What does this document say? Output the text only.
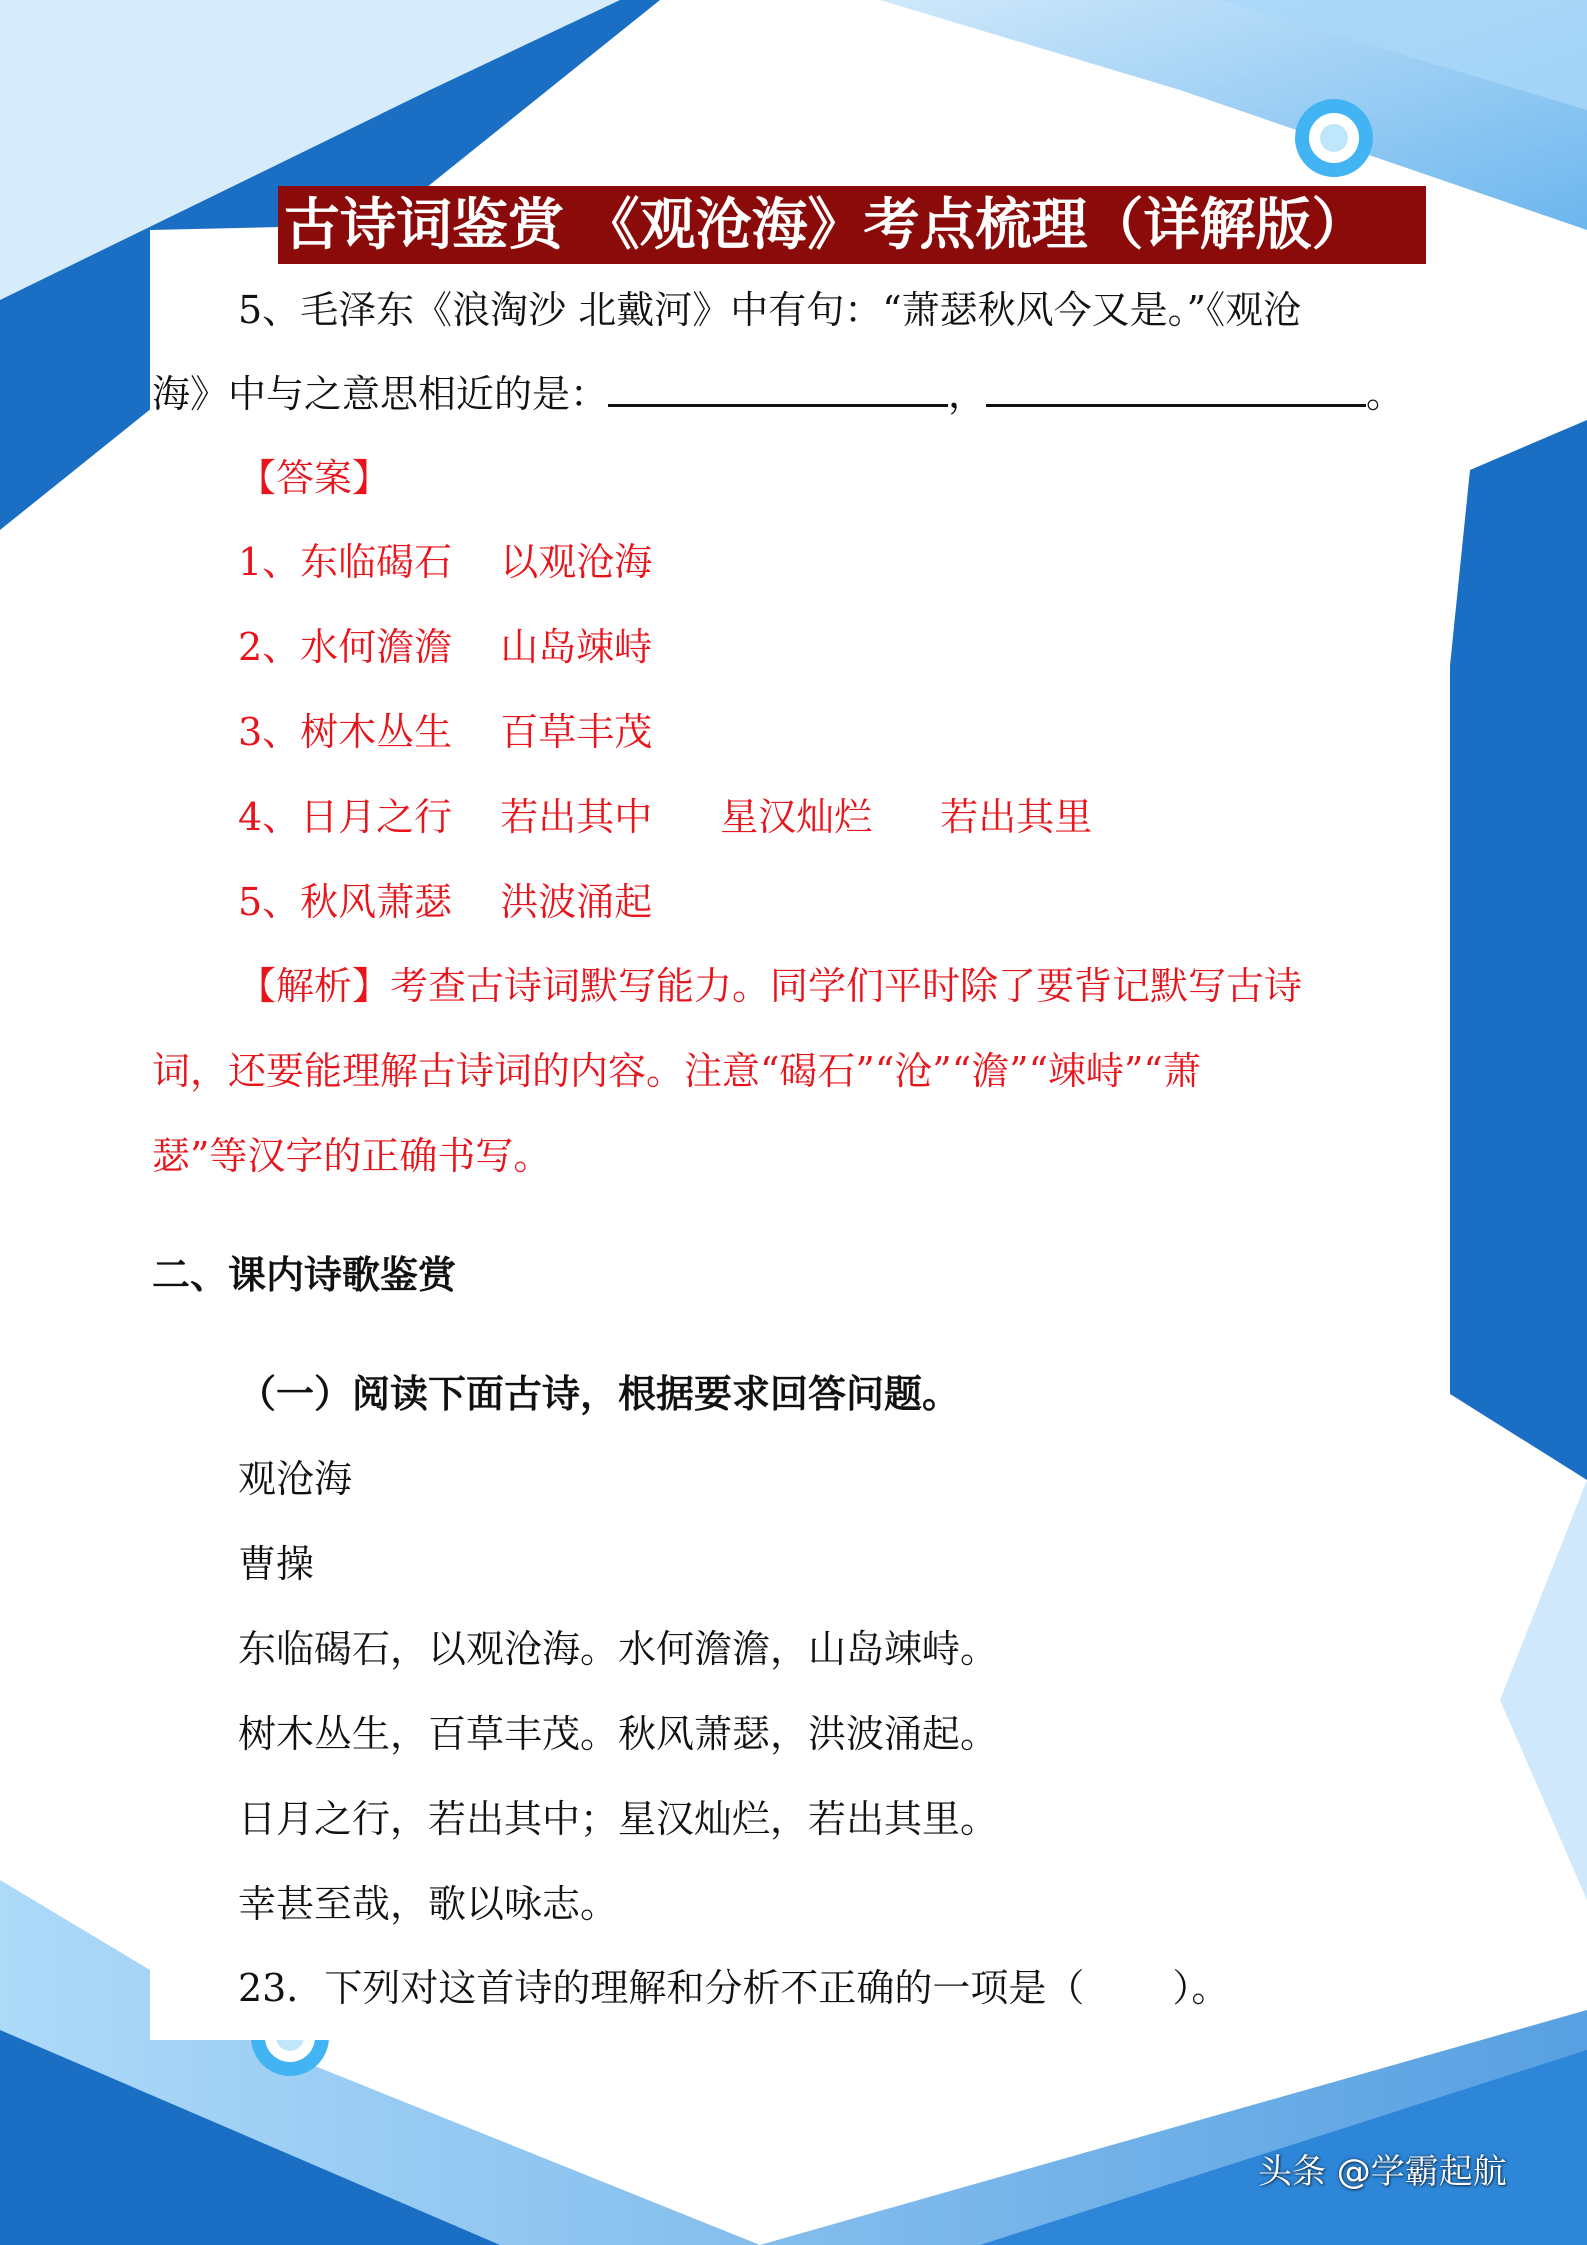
古诗词鉴赏 《观沧海》考点梳理（详解版）
5、毛泽东《浪淘沙 北戴河》中有句：“萧瑟秋风今又是。”《观沧
海》中与之意思相近的是：	，	。
【答案】
1、东临碣石 以观沧海
2、水何澹澹 山岛竦峙
3、树木丛生 百草丰茂
4、日月之行 若出其中 星汉灿烂 若出其里
5、秋风萧瑟 洪波涌起
【解析】考查古诗词默写能力。同学们平时除了要背记默写古诗
词，还要能理解古诗词的内容。注意“碣石”“沧”“澹”“竦峙”“萧
瑟”等汉字的正确书写。
二、课内诗歌鉴赏
（一）阅读下面古诗，根据要求回答问题。
观沧海
曹操
东临碣石，以观沧海。水何澹澹，山岛竦峙。
树木丛生，百草丰茂。秋风萧瑟，洪波涌起。
日月之行，若出其中；星汉灿烂，若出其里。
幸甚至哉，歌以咏志。
23．下列对这首诗的理解和分析不正确的一项是（ ）。
头条 @学霸起航
